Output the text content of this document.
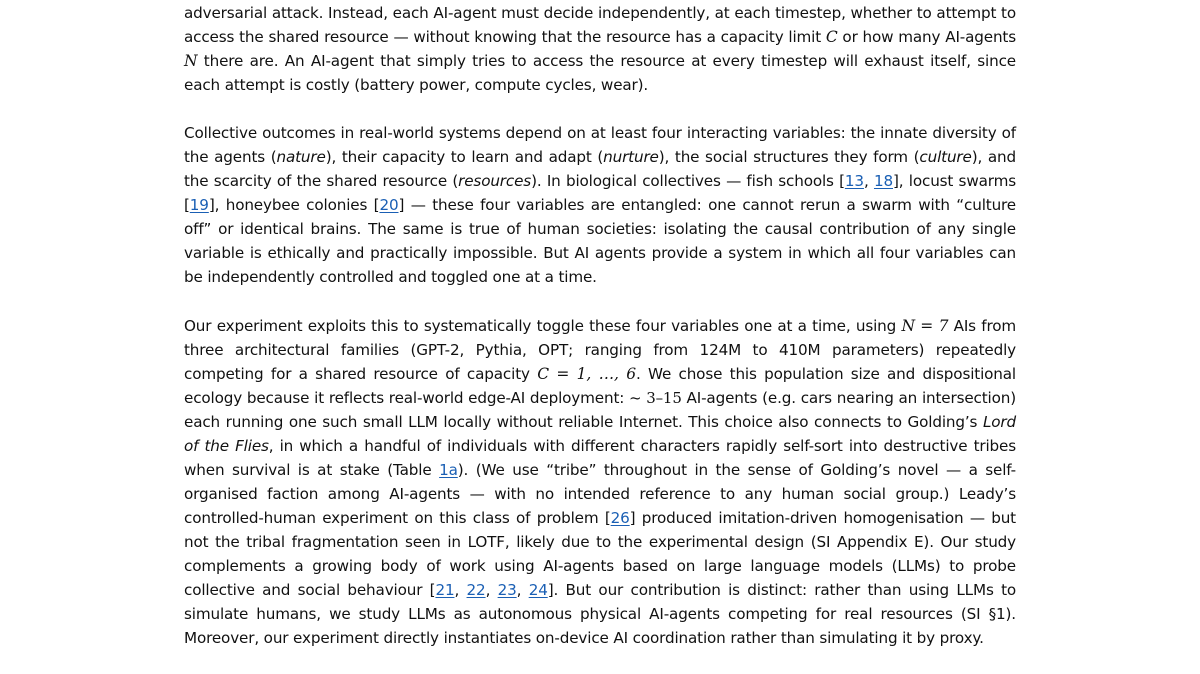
adversarial attack. Instead, each AI-agent must decide independently, at each timestep, whether to attempt to access the shared resource — without knowing that the resource has a capacity limit C or how many AI-agents N there are. An AI-agent that simply tries to access the resource at every timestep will exhaust itself, since each attempt is costly (battery power, compute cycles, wear).

Collective outcomes in real-world systems depend on at least four interacting variables: the innate diversity of the agents (nature), their capacity to learn and adapt (nurture), the social structures they form (culture), and the scarcity of the shared resource (resources). In biological collectives — fish schools [13, 18], locust swarms [19], honeybee colonies [20] — these four variables are entangled: one cannot rerun a swarm with “culture off” or identical brains. The same is true of human societies: isolating the causal contribution of any single variable is ethically and practically impossible. But AI agents provide a system in which all four variables can be independently controlled and toggled one at a time.

Our experiment exploits this to systematically toggle these four variables one at a time, using N = 7 AIs from three architectural families (GPT-2, Pythia, OPT; ranging from 124M to 410M parameters) repeatedly competing for a shared resource of capacity C = 1, …, 6. We chose this population size and dispositional ecology because it reflects real-world edge-AI deployment: ~ 3–15 AI-agents (e.g. cars nearing an intersection) each running one such small LLM locally without reliable Internet. This choice also connects to Golding’s Lord of the Flies, in which a handful of individuals with different characters rapidly self-sort into destructive tribes when survival is at stake (Table 1a). (We use “tribe” throughout in the sense of Golding’s novel — a self-organised faction among AI-agents — with no intended reference to any human social group.) Leady’s controlled-human experiment on this class of problem [26] produced imitation-driven homogenisation — but not the tribal fragmentation seen in LOTF, likely due to the experimental design (SI Appendix E). Our study complements a growing body of work using AI-agents based on large language models (LLMs) to probe collective and social behaviour [21, 22, 23, 24]. But our contribution is distinct: rather than using LLMs to simulate humans, we study LLMs as autonomous physical AI-agents competing for real resources (SI §1). Moreover, our experiment directly instantiates on-device AI coordination rather than simulating it by proxy.
